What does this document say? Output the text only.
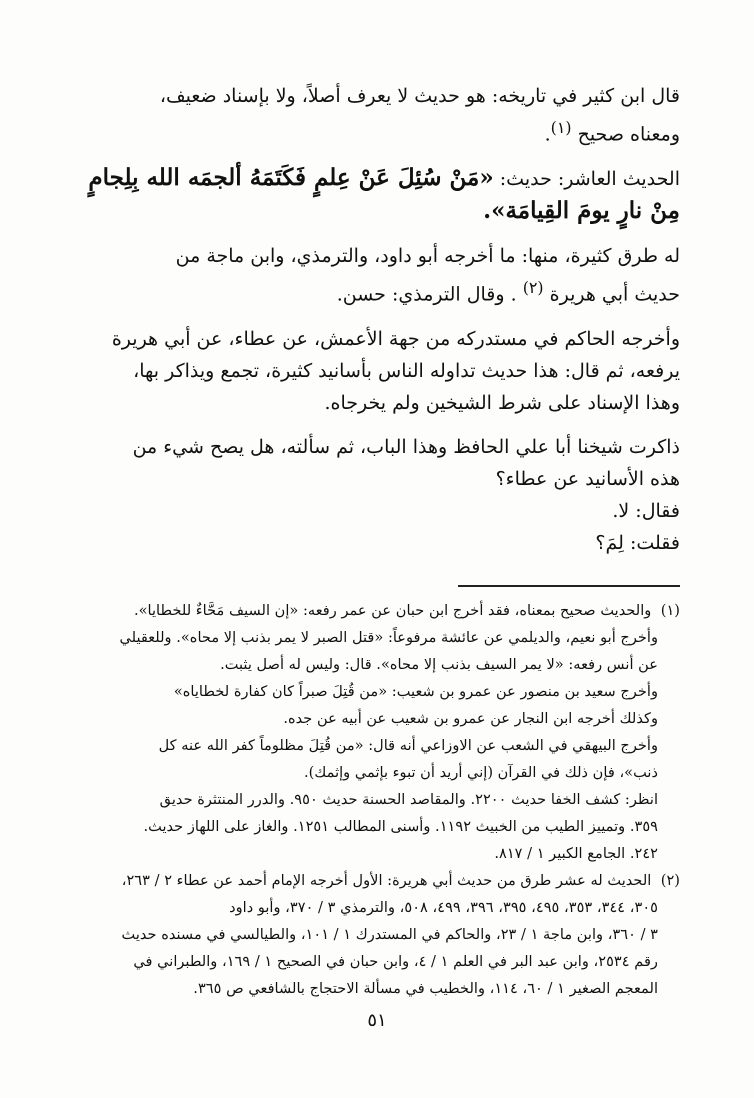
قال ابن كثير في تاريخه: هو حديث لا يعرف أصلاً، ولا بإسناد ضعيف،
ومعناه صحيح $^{(١)}$.

الحديث العاشر: حديث: «مَنْ سُئِلَ عَنْ عِلمٍ فَكَتَمَهُ ألجمَه الله بِلِجامٍ
مِنْ نارٍ يومَ القِيامَة».

له طرق كثيرة، منها: ما أخرجه أبو داود، والترمذي، وابن ماجة من
حديث أبي هريرة $^{(٢)}$ . وقال الترمذي: حسن.

وأخرجه الحاكم في مستدركه من جهة الأعمش، عن عطاء، عن أبي هريرة
يرفعه، ثم قال: هذا حديث تداوله الناس بأسانيد كثيرة، تجمع ويذاكر بها،
وهذا الإسناد على شرط الشيخين ولم يخرجاه.

ذاكرت شيخنا أبا علي الحافظ وهذا الباب، ثم سألته، هل يصح شيء من
هذه الأسانيد عن عطاء؟

فقال: لا.

فقلت: لِمَ؟

(١) والحديث صحيح بمعناه، فقد أخرج ابن حبان عن عمر رفعه: «إن السيف مَحَّاءٌ للخطايا».

وأخرج أبو نعيم، والديلمي عن عائشة مرفوعاً: «قتل الصبر لا يمر بذنب إلا محاه». وللعقيلي

عن أنس رفعه: «لا يمر السيف بذنب إلا محاه». قال: وليس له أصل يثبت.

وأخرج سعيد بن منصور عن عمرو بن شعيب: «من قُتِلَ صبراً كان كفارة لخطاياه»

وكذلك أخرجه ابن النجار عن عمرو بن شعيب عن أبيه عن جده.

وأخرج البيهقي في الشعب عن الاوزاعي أنه قال: «من قُتِلَ مظلوماً كفر الله عنه كل

ذنب»، فإن ذلك في القرآن (إني أريد أن تبوء بإثمي وإثمك).

انظر: كشف الخفا حديث ٢٢٠٠. والمقاصد الحسنة حديث ٩٥٠. والدرر المنتثرة حديق

٣٥٩. وتمييز الطيب من الخبيث ١١٩٢. وأسنى المطالب ١٢٥١. والغاز على اللهاز حديث.

٢٤٢. الجامع الكبير ١ / ٨١٧.

(٢) الحديث له عشر طرق من حديث أبي هريرة: الأول أخرجه الإمام أحمد عن عطاء ٢ / ٢٦٣،

٣٠٥، ٣٤٤، ٣٥٣، ٤٩٥، ٣٩٥، ٣٩٦، ٤٩٩، ٥٠٨، والترمذي ٣ / ٣٧٠، وأبو داود

٣ / ٣٦٠، وابن ماجة ١ / ٢٣، والحاكم في المستدرك ١ / ١٠١، والطيالسي في مسنده حديث

رقم ٢٥٣٤، وابن عبد البر في العلم ١ / ٤، وابن حبان في الصحيح ١ / ١٦٩، والطبراني في

المعجم الصغير ١ / ٦٠، ١١٤، والخطيب في مسألة الاحتجاج بالشافعي ص ٣٦٥.

٥١
